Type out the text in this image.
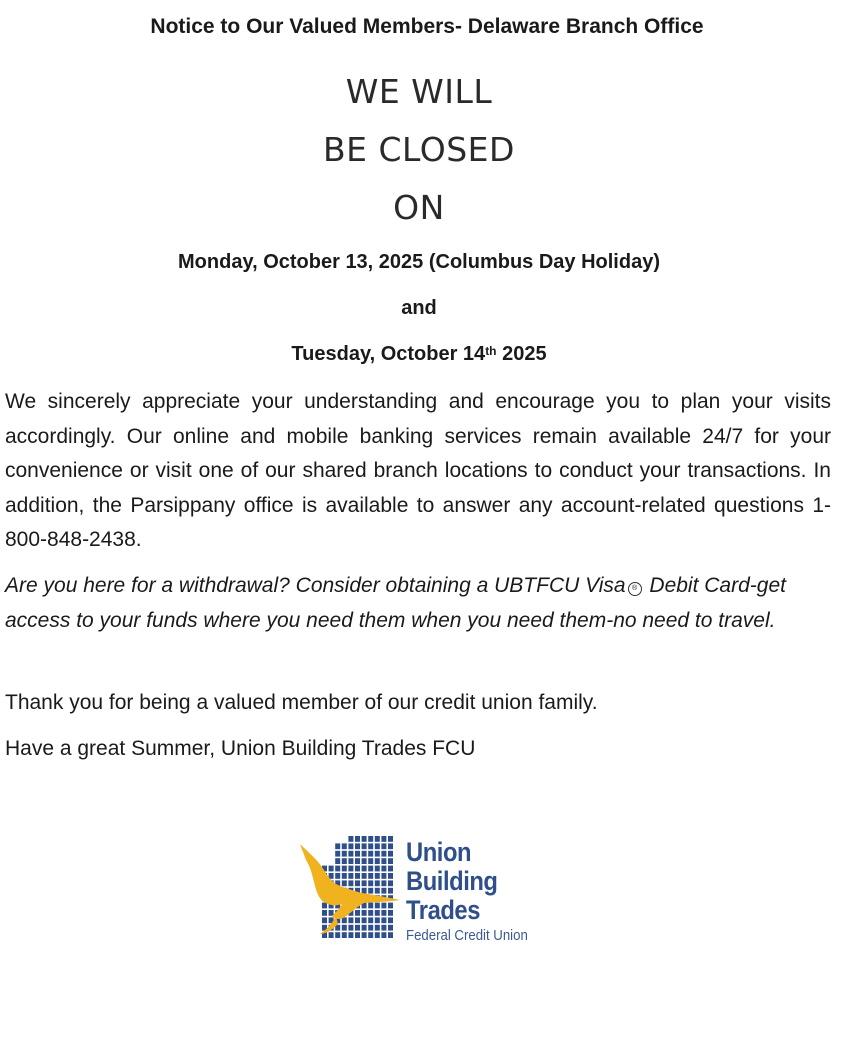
Notice to Our Valued Members- Delaware Branch Office
WE WILL
BE CLOSED
ON
Monday, October 13, 2025 (Columbus Day Holiday)
and
Tuesday, October 14th 2025
We sincerely appreciate your understanding and encourage you to plan your visits accordingly. Our online and mobile banking services remain available 24/7 for your convenience or visit one of our shared branch locations to conduct your transactions. In addition, the Parsippany office is available to answer any account-related questions 1-800-848-2438.
Are you here for a withdrawal? Consider obtaining a UBTFCU Visa ® Debit Card-get access to your funds where you need them when you need them-no need to travel.
Thank you for being a valued member of our credit union family.
Have a great Summer, Union Building Trades FCU
Union
Building
Trades
Federal Credit Union
